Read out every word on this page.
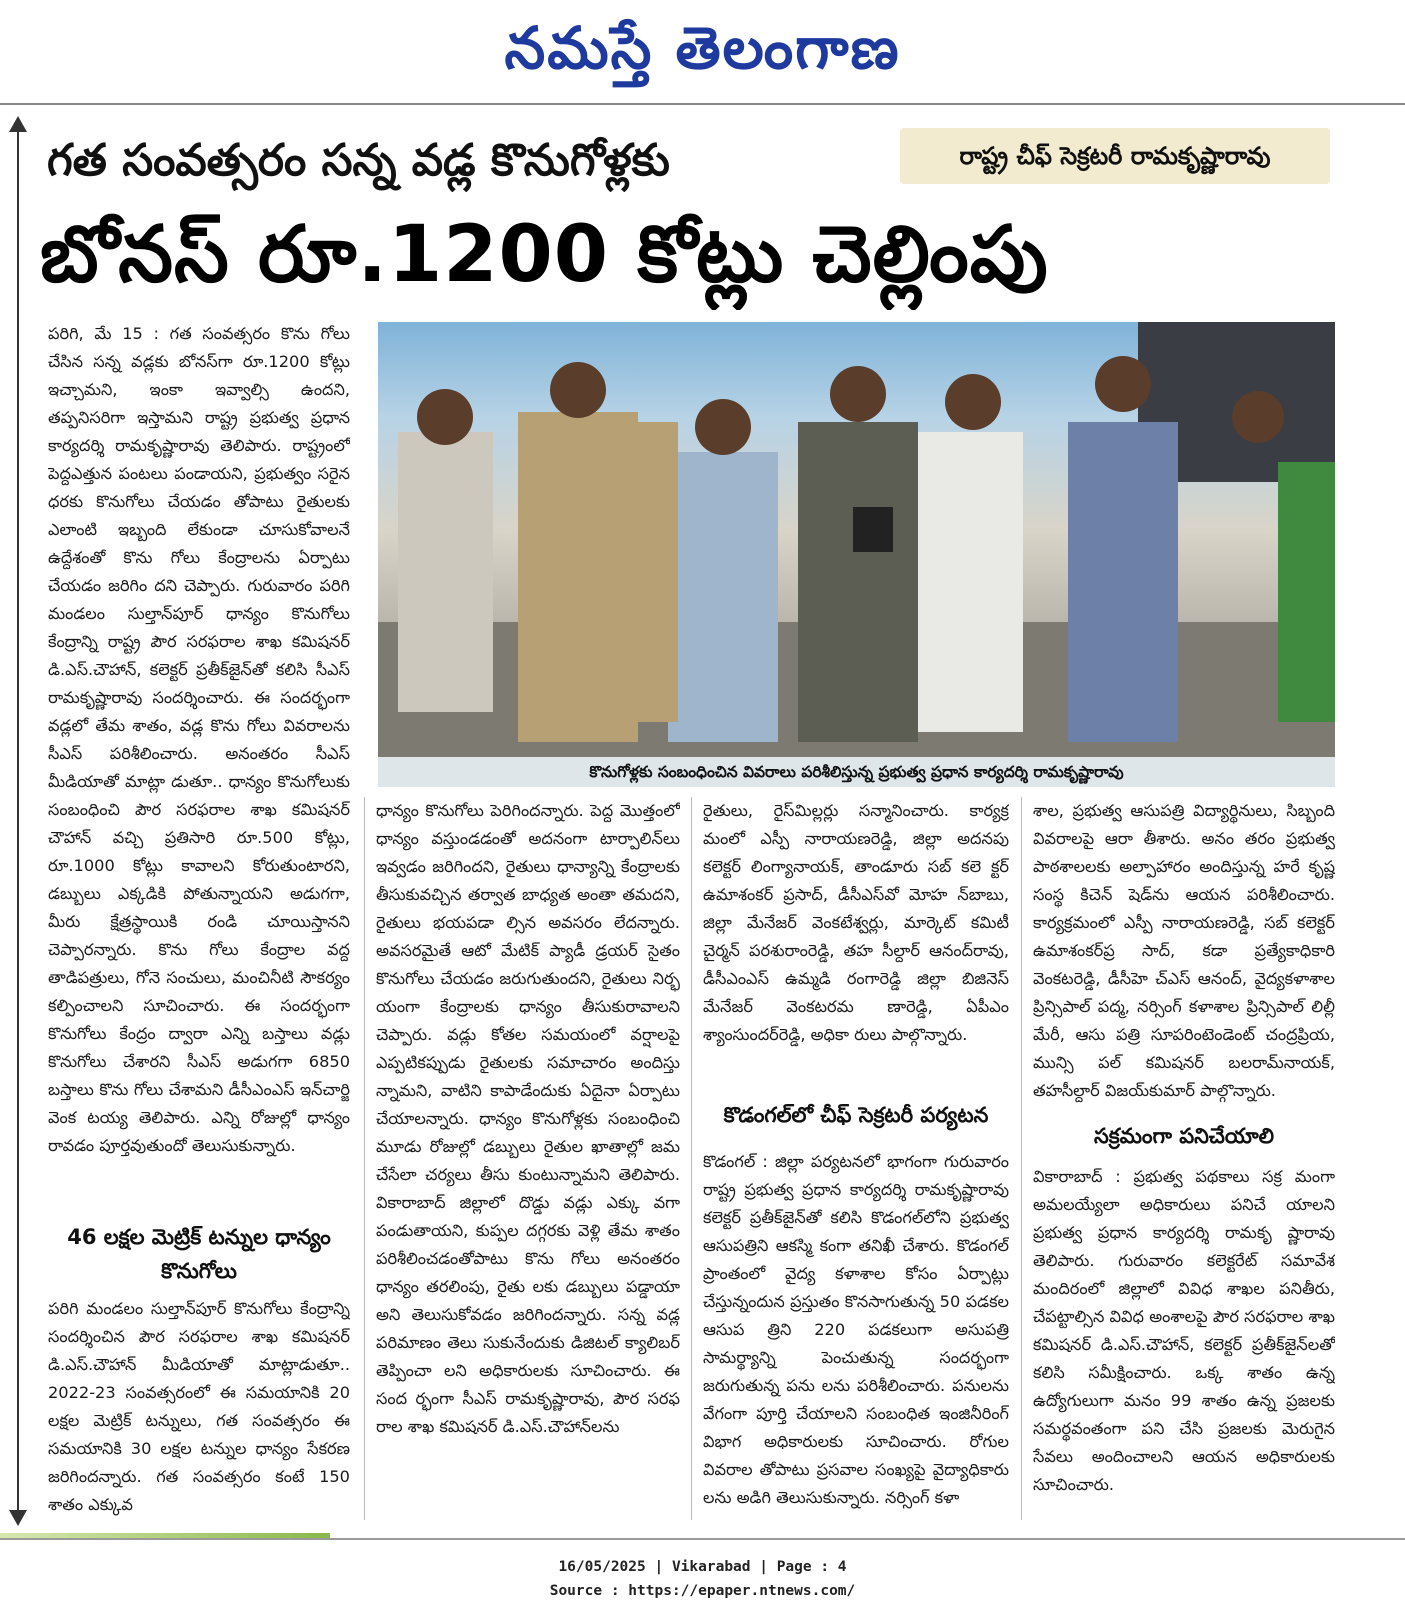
నమస్తే తెలంగాణ
గత సంవత్సరం సన్న వడ్ల కొనుగోళ్లకు	రాష్ట్ర చీఫ్ సెక్రటరీ రామకృష్ణారావు
బోనస్ రూ.1200 కోట్లు చెల్లింపు

పరిగి, మే 15 : గత సంవత్సరం కొను గోలు చేసిన సన్న వడ్లకు బోనస్‌గా రూ.1200 కోట్లు ఇచ్చామని, ఇంకా ఇవ్వాల్సి ఉందని, తప్పనిసరిగా ఇస్తామని రాష్ట్ర ప్రభుత్వ ప్రధాన కార్యదర్శి రామకృష్ణారావు తెలిపారు. రాష్ట్రంలో పెద్దఎత్తున పంటలు పండాయని, ప్రభుత్వం సరైన ధరకు కొనుగోలు చేయడం తోపాటు రైతులకు ఎలాంటి ఇబ్బంది లేకుండా చూసుకోవాలనే ఉద్దేశంతో కొను గోలు కేంద్రాలను ఏర్పాటు చేయడం జరిగిం దని చెప్పారు. గురువారం పరిగి మండలం సుల్తాన్‌పూర్ ధాన్యం కొనుగోలు కేంద్రాన్ని రాష్ట్ర పౌర సరఫరాల శాఖ కమిషనర్ డి.ఎస్.చౌహాన్, కలెక్టర్ ప్రతీక్‌జైన్‌తో కలిసి సీఎస్ రామకృష్ణారావు సందర్శించారు. ఈ సందర్భంగా వడ్లలో తేమ శాతం, వడ్ల కొను గోలు వివరాలను సీఎస్ పరిశీలించారు. అనంతరం సీఎస్ మీడియాతో మాట్లా డుతూ.. ధాన్యం కొనుగోలుకు సంబంధించి పౌర సరఫరాల శాఖ కమిషనర్ చౌహాన్ వచ్చి ప్రతిసారి రూ.500 కోట్లు, రూ.1000 కోట్లు కావాలని కోరుతుంటారని, డబ్బులు ఎక్కడికి పోతున్నాయని అడుగగా, మీరు క్షేత్రస్థాయికి రండి చూయిస్తానని చెప్పారన్నారు. కొను గోలు కేంద్రాల వద్ద తాడిపత్రులు, గోనె సంచులు, మంచినీటి సౌకర్యం కల్పించాలని సూచించారు. ఈ సందర్భంగా కొనుగోలు కేంద్రం ద్వారా ఎన్ని బస్తాలు వడ్లు కొనుగోలు చేశారని సీఎస్ అడుగగా 6850 బస్తాలు కొను గోలు చేశామని డీసీఎంఎస్ ఇన్‌చార్జి వెంక టయ్య తెలిపారు. ఎన్ని రోజుల్లో ధాన్యం రావడం పూర్తవుతుందో తెలుసుకున్నారు.

46 లక్షల మెట్రిక్ టన్నుల ధాన్యం కొనుగోలు

పరిగి మండలం సుల్తాన్‌పూర్ కొనుగోలు కేంద్రాన్ని సందర్శించిన పౌర సరఫరాల శాఖ కమిషనర్ డి.ఎస్.చౌహాన్ మీడియాతో మాట్లాడుతూ.. 2022-23 సంవత్సరంలో ఈ సమయానికి 20 లక్షల మెట్రిక్ టన్నులు, గత సంవత్సరం ఈ సమయానికి 30 లక్షల టన్నుల ధాన్యం సేకరణ జరిగిందన్నారు. గత సంవత్సరం కంటే 150 శాతం ఎక్కువ

కొనుగోళ్లకు సంబంధించిన వివరాలు పరిశీలిస్తున్న ప్రభుత్వ ప్రధాన కార్యదర్శి రామకృష్ణారావు

ధాన్యం కొనుగోలు పెరిగిందన్నారు. పెద్ద మొత్తంలో ధాన్యం వస్తుండడంతో అదనంగా టార్పాలిన్‌లు ఇవ్వడం జరిగిందని, రైతులు ధాన్యాన్ని కేంద్రాలకు తీసుకువచ్చిన తర్వాత బాధ్యత అంతా తమదని, రైతులు భయపడా ల్సిన అవసరం లేదన్నారు. అవసరమైతే ఆటో మేటిక్ ప్యాడీ డ్రయర్ సైతం కొనుగోలు చేయడం జరుగుతుందని, రైతులు నిర్భ యంగా కేంద్రాలకు ధాన్యం తీసుకురావాలని చెప్పారు. వడ్లు కోతల సమయంలో వర్షాలపై ఎప్పటికప్పుడు రైతులకు సమాచారం అందిస్తు న్నామని, వాటిని కాపాడేందుకు ఏదైనా ఏర్పాటు చేయాలన్నారు. ధాన్యం కొనుగోళ్లకు సంబంధించి మూడు రోజుల్లో డబ్బులు రైతుల ఖాతాల్లో జమ చేసేలా చర్యలు తీసు కుంటున్నామని తెలిపారు. వికారాబాద్ జిల్లాలో దొడ్డు వడ్లు ఎక్కు వగా పండుతాయని, కుప్పల దగ్గరకు వెళ్లి తేమ శాతం పరిశీలించడంతోపాటు కొను గోలు అనంతరం ధాన్యం తరలింపు, రైతు లకు డబ్బులు పడ్డాయా అని తెలుసుకోవడం జరిగిందన్నారు. సన్న వడ్ల పరిమాణం తెలు సుకునేందుకు డిజిటల్ క్యాలిబర్ తెప్పించా లని అధికారులకు సూచించారు. ఈ సంద ర్భంగా సీఎస్ రామకృష్ణారావు, పౌర సరఫ రాల శాఖ కమిషనర్ డి.ఎస్.చౌహాన్‌లను

రైతులు, రైస్‌మిల్లర్లు సన్మానించారు. కార్యక్ర మంలో ఎస్పీ నారాయణరెడ్డి, జిల్లా అదనపు కలెక్టర్ లింగ్యానాయక్, తాండూరు సబ్ కలె క్టర్ ఉమాశంకర్ ప్రసాద్, డీసీఎస్‌వో మోహ న్‌బాబు, జిల్లా మేనేజర్ వెంకటేశ్వర్లు, మార్కెట్ కమిటీ చైర్మన్ పరశురాంరెడ్డి, తహ సీల్దార్ ఆనంద్‌రావు, డీసీఎంఎస్ ఉమ్మడి రంగారెడ్డి జిల్లా బిజినెస్ మేనేజర్ వెంకటరమ ణారెడ్డి, ఏపీఎం శ్యాంసుందర్‌రెడ్డి, అధికా రులు పాల్గొన్నారు.

కొడంగల్‌లో చీఫ్ సెక్రటరీ పర్యటన

కొడంగల్ : జిల్లా పర్యటనలో భాగంగా గురువారం రాష్ట్ర ప్రభుత్వ ప్రధాన కార్యదర్శి రామకృష్ణారావు కలెక్టర్ ప్రతీక్‌జైన్‌తో కలిసి కొడంగల్‌లోని ప్రభుత్వ ఆసుపత్రిని ఆకస్మి కంగా తనిఖీ చేశారు. కొడంగల్ ప్రాంతంలో వైద్య కళాశాల కోసం ఏర్పాట్లు చేస్తున్నందున ప్రస్తుతం కొనసాగుతున్న 50 పడకల ఆసుప త్రిని 220 పడకలుగా అసుపత్రి సామర్థ్యాన్ని పెంచుతున్న సందర్భంగా జరుగుతున్న పను లను పరిశీలించారు. పనులను వేగంగా పూర్తి చేయాలని సంబంధిత ఇంజినీరింగ్ విభాగ అధికారులకు సూచించారు. రోగుల వివరాల తోపాటు ప్రసవాల సంఖ్యపై వైద్యాధికారు లను అడిగి తెలుసుకున్నారు. నర్సింగ్ కళా

శాల, ప్రభుత్వ ఆసుపత్రి విద్యార్థినులు, సిబ్బంది వివరాలపై ఆరా తీశారు. అనం తరం ప్రభుత్వ పాఠశాలలకు అల్పాహారం అందిస్తున్న హరే కృష్ణ సంస్థ కిచెన్ షెడ్‌ను ఆయన పరిశీలించారు. కార్యక్రమంలో ఎస్పీ నారాయణరెడ్డి, సబ్ కలెక్టర్ ఉమాశంకర్‌ప్ర సాద్, కడా ప్రత్యేకాధికారి వెంకటరెడ్డి, డీసీహె చ్‌ఎస్ ఆనంద్, వైద్యకళాశాల ప్రిన్సిపాల్ పద్మ, నర్సింగ్ కళాశాల ప్రిన్సిపాల్ లిల్లీ మేరీ, ఆసు పత్రి సూపరింటెండెంట్ చంద్రప్రియ, మున్సి పల్ కమిషనర్ బలరామ్‌నాయక్, తహసీల్దార్ విజయ్‌కుమార్ పాల్గొన్నారు.

సక్రమంగా పనిచేయాలి

వికారాబాద్ : ప్రభుత్వ పథకాలు సక్ర మంగా అమలయ్యేలా అధికారులు పనిచే యాలని ప్రభుత్వ ప్రధాన కార్యదర్శి రామకృ ష్ణారావు తెలిపారు. గురువారం కలెక్టరేట్ సమావేశ మందిరంలో జిల్లాలో వివిధ శాఖల పనితీరు, చేపట్టాల్సిన వివిధ అంశాలపై పౌర సరఫరాల శాఖ కమిషనర్ డి.ఎస్.చౌహాన్, కలెక్టర్ ప్రతీక్‌జైన్‌లతో కలిసి సమీక్షించారు. ఒక్క శాతం ఉన్న ఉద్యోగులుగా మనం 99 శాతం ఉన్న ప్రజలకు సమర్థవంతంగా పని చేసి ప్రజలకు మెరుగైన సేవలు అందించాలని ఆయన అధికారులకు సూచించారు.

16/05/2025 | Vikarabad | Page : 4
Source : https://epaper.ntnews.com/
